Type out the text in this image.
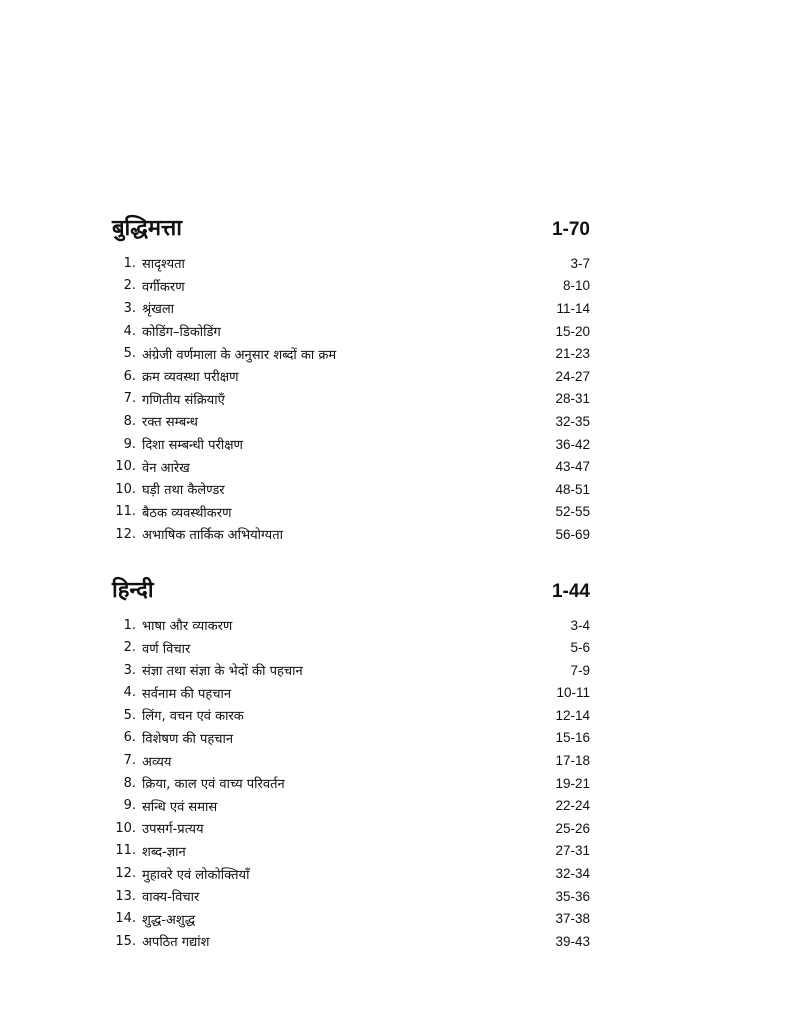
बुद्धिमत्ता	1-70
1. सादृश्यता	3-7
2. वर्गीकरण	8-10
3. श्रृंखला	11-14
4. कोडिंग–डिकोडिंग	15-20
5. अंग्रेजी वर्णमाला के अनुसार शब्दों का क्रम	21-23
6. क्रम व्यवस्था परीक्षण	24-27
7. गणितीय संक्रियाएँ	28-31
8. रक्त सम्बन्ध	32-35
9. दिशा सम्बन्धी परीक्षण	36-42
10. वेन आरेख	43-47
10. घड़ी तथा कैलेण्डर	48-51
11. बैठक व्यवस्थीकरण	52-55
12. अभाषिक तार्किक अभियोग्यता	56-69
हिन्दी	1-44
1. भाषा और व्याकरण	3-4
2. वर्ण विचार	5-6
3. संज्ञा तथा संज्ञा के भेदों की पहचान	7-9
4. सर्वनाम की पहचान	10-11
5. लिंग, वचन एवं कारक	12-14
6. विशेषण की पहचान	15-16
7. अव्यय	17-18
8. क्रिया, काल एवं वाच्य परिवर्तन	19-21
9. सन्धि एवं समास	22-24
10. उपसर्ग-प्रत्यय	25-26
11. शब्द-ज्ञान	27-31
12. मुहावरे एवं लोकोक्तियाँ	32-34
13. वाक्य-विचार	35-36
14. शुद्ध-अशुद्ध	37-38
15. अपठित गद्यांश	39-43
